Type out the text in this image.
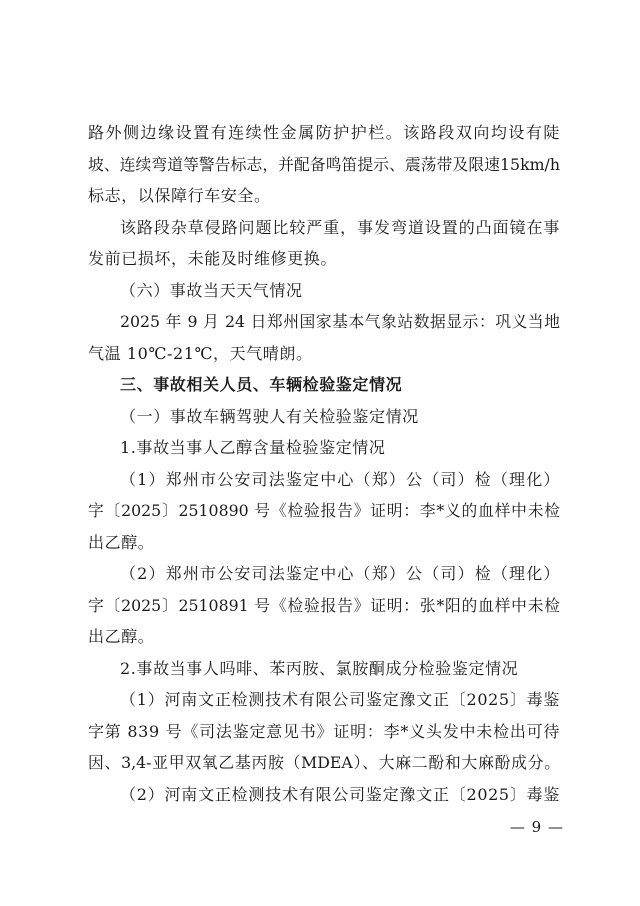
路外侧边缘设置有连续性金属防护护栏。该路段双向均设有陡
坡、连续弯道等警告标志，并配备鸣笛提示、震荡带及限速15km/h
标志，以保障行车安全。
该路段杂草侵路问题比较严重，事发弯道设置的凸面镜在事
发前已损坏，未能及时维修更换。
（六）事故当天天气情况
2025 年 9 月 24 日郑州国家基本气象站数据显示：巩义当地
气温 10℃-21℃，天气晴朗。
三、事故相关人员、车辆检验鉴定情况
（一）事故车辆驾驶人有关检验鉴定情况
1.事故当事人乙醇含量检验鉴定情况
（1）郑州市公安司法鉴定中心（郑）公（司）检（理化）
字〔2025〕2510890 号《检验报告》证明：李*义的血样中未检
出乙醇。
（2）郑州市公安司法鉴定中心（郑）公（司）检（理化）
字〔2025〕2510891 号《检验报告》证明：张*阳的血样中未检
出乙醇。
2.事故当事人吗啡、苯丙胺、氯胺酮成分检验鉴定情况
（1）河南文正检测技术有限公司鉴定豫文正〔2025〕毒鉴
字第 839 号《司法鉴定意见书》证明：李*义头发中未检出可待
因、3,4-亚甲双氧乙基丙胺（MDEA）、大麻二酚和大麻酚成分。
（2）河南文正检测技术有限公司鉴定豫文正〔2025〕毒鉴
— 9 —
